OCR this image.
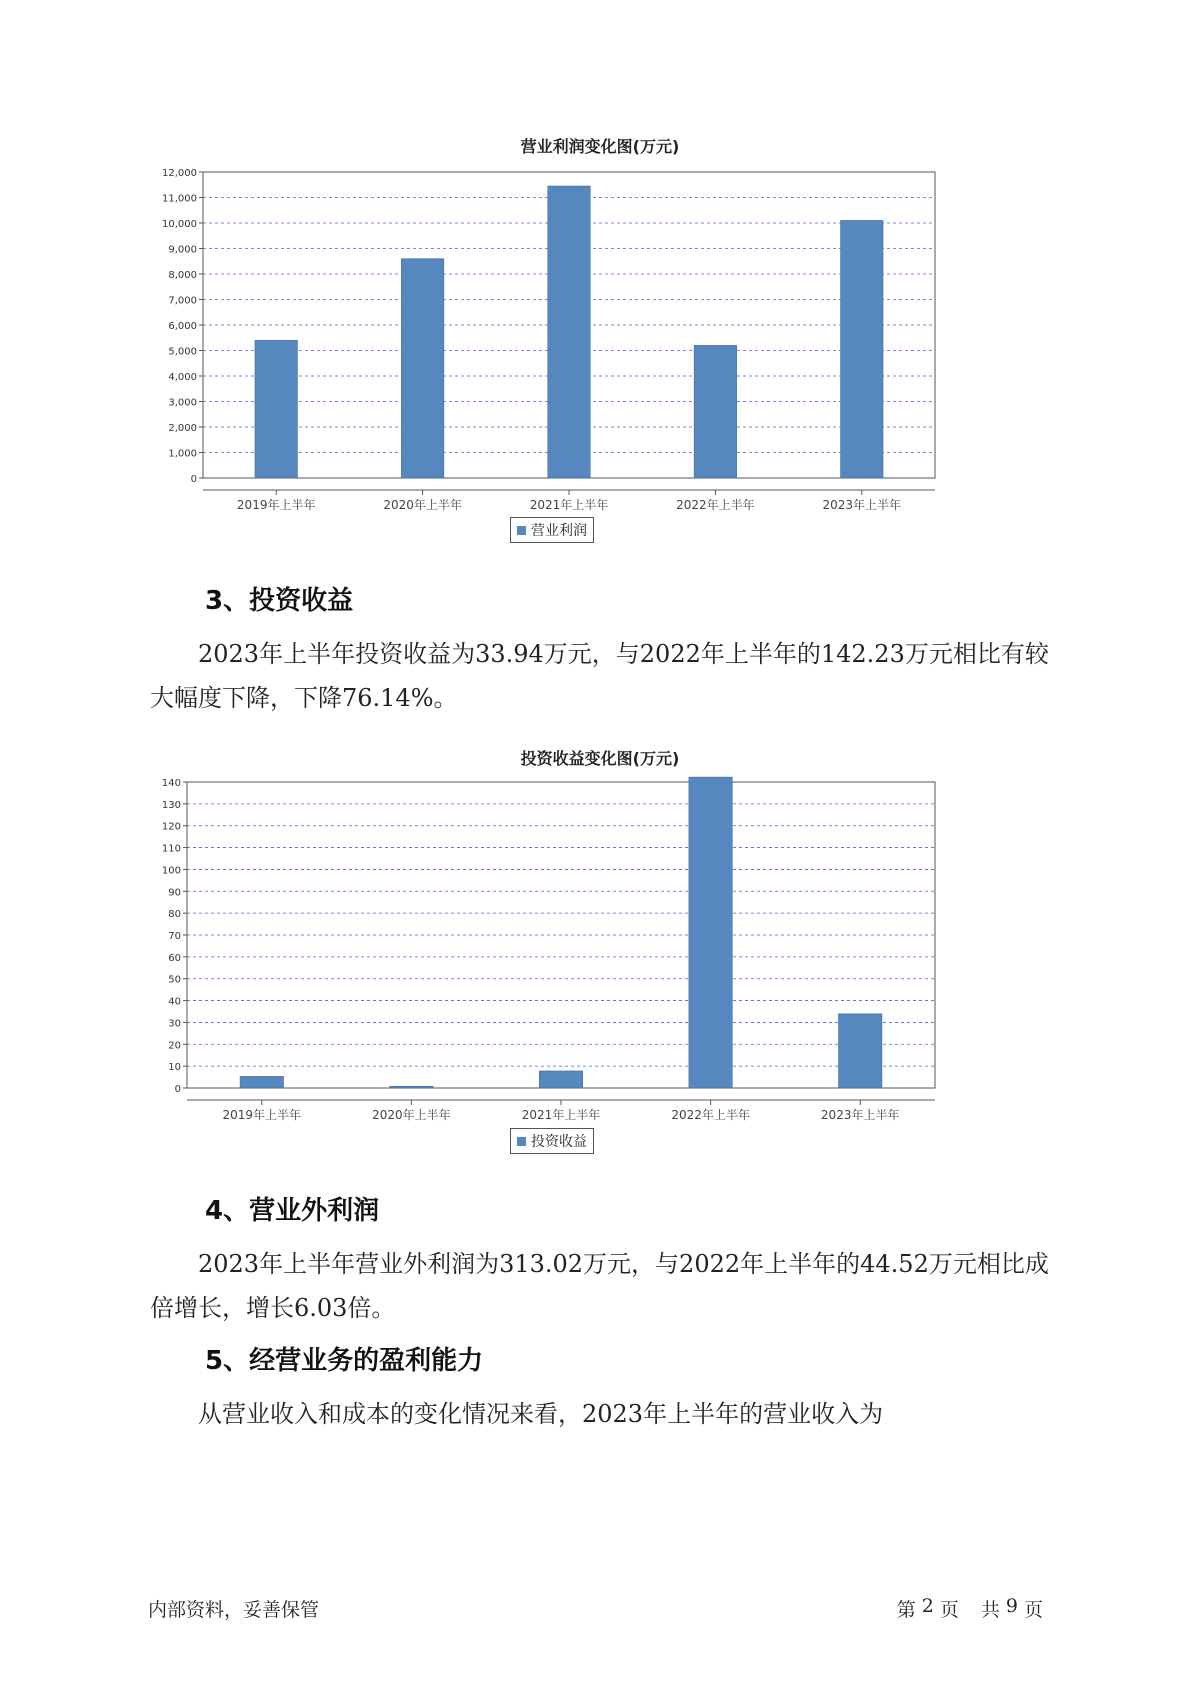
营业利润变化图(万元)
0
1,000
2,000
3,000
4,000
5,000
6,000
7,000
8,000
9,000
10,000
11,000
12,000
2019年上半年	2020年上半年	2021年上半年	2022年上半年	2023年上半年
营业利润
3、投资收益

2023年上半年投资收益为33.94万元，与2022年上半年的142.23万元相比有较大幅度下降，下降76.14%。

投资收益变化图(万元)
0
10
20
30
40
50
60
70
80
90
100
110
120
130
140
2019年上半年	2020年上半年	2021年上半年	2022年上半年	2023年上半年
投资收益
4、营业外利润

2023年上半年营业外利润为313.02万元，与2022年上半年的44.52万元相比成倍增长，增长6.03倍。

5、经营业务的盈利能力

从营业收入和成本的变化情况来看，2023年上半年的营业收入为

内部资料，妥善保管	第 2 页 共 9 页
